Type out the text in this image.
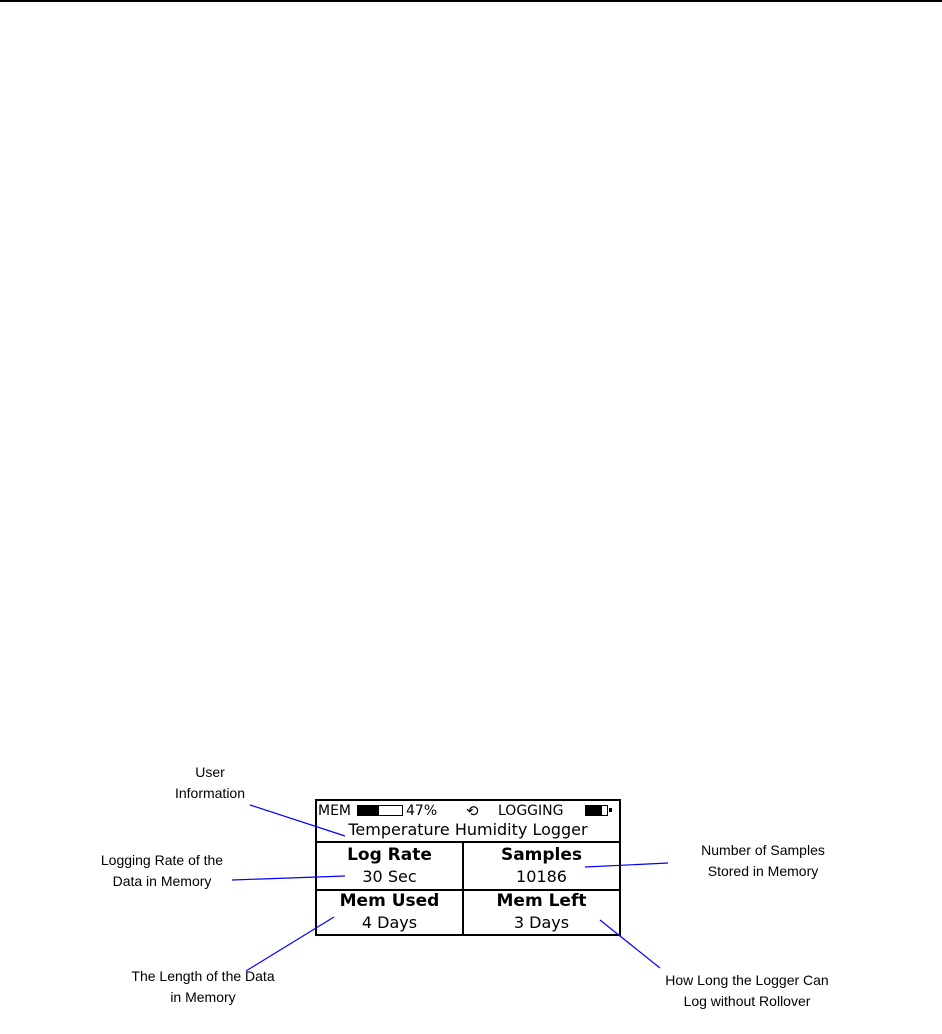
MEM	47% ⟲ LOGGING
Temperature Humidity Logger
Log Rate
30 Sec
Samples
10186
Mem Used
4 Days
Mem Left
3 Days
User
Information
Logging Rate of the
Data in Memory
Number of Samples
Stored in Memory
The Length of the Data
in Memory
How Long the Logger Can
Log without Rollover
